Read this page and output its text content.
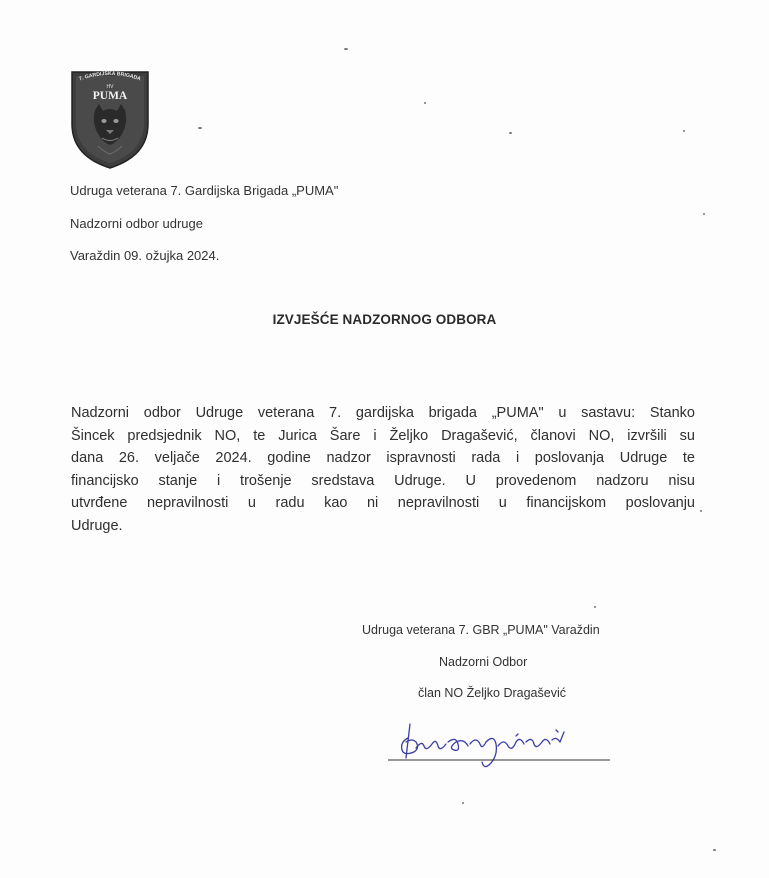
7. GARDIJSKA BRIGADA
HV
PUMA
Udruga veterana 7. Gardijska Brigada „PUMA"
Nadzorni odbor udruge
Varaždin 09. ožujka 2024.
IZVJEŠĆE NADZORNOG ODBORA
Nadzorni odbor Udruge veterana 7. gardijska brigada „PUMA" u sastavu: Stanko
Šincek predsjednik NO, te Jurica Šare i Željko Dragašević, članovi NO, izvršili su
dana 26. veljače 2024. godine nadzor ispravnosti rada i poslovanja Udruge te
financijsko stanje i trošenje sredstava Udruge. U provedenom nadzoru nisu
utvrđene nepravilnosti u radu kao ni nepravilnosti u financijskom poslovanju
Udruge.
Udruga veterana 7. GBR „PUMA" Varaždin
Nadzorni Odbor
član NO Željko Dragašević
